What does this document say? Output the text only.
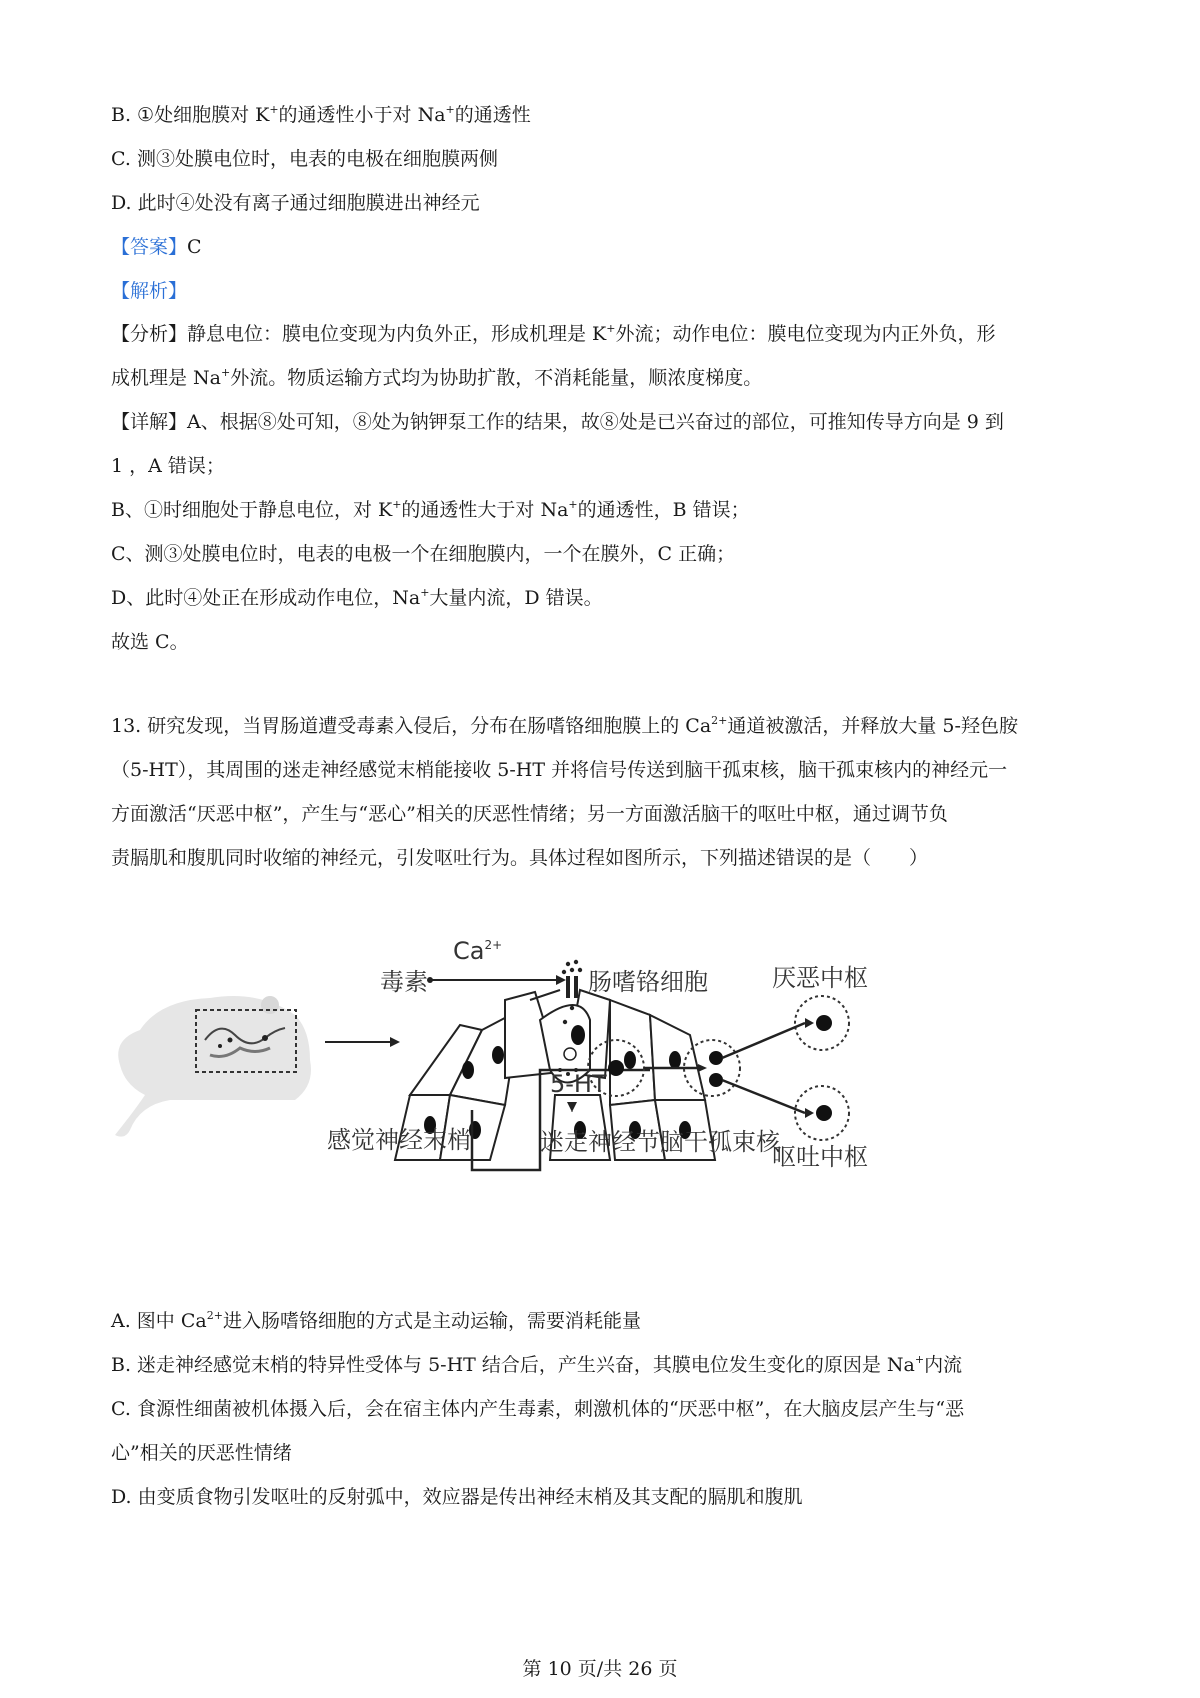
B. ①处细胞膜对 K+的通透性小于对 Na+的通透性
C. 测③处膜电位时，电表的电极在细胞膜两侧
D. 此时④处没有离子通过细胞膜进出神经元
【答案】C
【解析】
【分析】静息电位：膜电位变现为内负外正，形成机理是 K+外流；动作电位：膜电位变现为内正外负，形
成机理是 Na+外流。物质运输方式均为协助扩散，不消耗能量，顺浓度梯度。
【详解】A、根据⑧处可知，⑧处为钠钾泵工作的结果，故⑧处是已兴奋过的部位，可推知传导方向是 9 到
1 ，A 错误；
B、①时细胞处于静息电位，对 K+的通透性大于对 Na+的通透性，B 错误；
C、测③处膜电位时，电表的电极一个在细胞膜内，一个在膜外，C 正确；
D、此时④处正在形成动作电位，Na+大量内流，D 错误。
故选 C。
13. 研究发现，当胃肠道遭受毒素入侵后，分布在肠嗜铬细胞膜上的 $Ca^{2+}$通道被激活，并释放大量 5-羟色胺
（5-HT），其周围的迷走神经感觉末梢能接收 5-HT 并将信号传送到脑干孤束核，脑干孤束核内的神经元一
方面激活“厌恶中枢”，产生与“恶心”相关的厌恶性情绪；另一方面激活脑干的呕吐中枢，通过调节负
责膈肌和腹肌同时收缩的神经元，引发呕吐行为。具体过程如图所示，下列描述错误的是（　　）
$Ca^{2+}$
毒素	肠嗜铬细胞
5-HT
感觉神经末梢	迷走神经节 脑干孤束核
厌恶中枢
呕吐中枢
A. 图中 $Ca^{2+}$进入肠嗜铬细胞的方式是主动运输，需要消耗能量
B. 迷走神经感觉末梢的特异性受体与 5-HT 结合后，产生兴奋，其膜电位发生变化的原因是 Na+内流
C. 食源性细菌被机体摄入后，会在宿主体内产生毒素，刺激机体的“厌恶中枢”，在大脑皮层产生与“恶
心”相关的厌恶性情绪
D. 由变质食物引发呕吐的反射弧中，效应器是传出神经末梢及其支配的膈肌和腹肌
第 10 页/共 26 页
